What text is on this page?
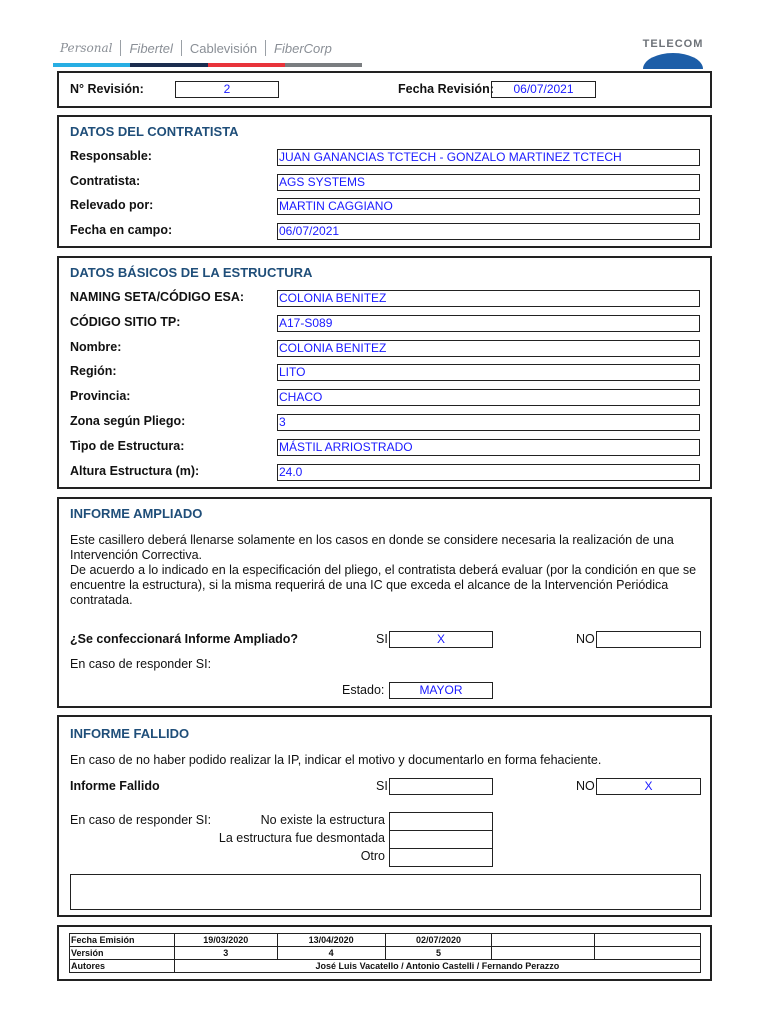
Personal	Fibertel	Cablevisión	FiberCorp	TELECOM
N° Revisión:	2	Fecha Revisión:	06/07/2021
DATOS DEL CONTRATISTA
Responsable:	JUAN GANANCIAS TCTECH - GONZALO MARTINEZ TCTECH
Contratista:	AGS SYSTEMS
Relevado por:	MARTIN CAGGIANO
Fecha en campo:	06/07/2021
DATOS BÁSICOS DE LA ESTRUCTURA
NAMING SETA/CÓDIGO ESA:	COLONIA BENITEZ
CÓDIGO SITIO TP:	A17-S089
Nombre:	COLONIA BENITEZ
Región:	LITO
Provincia:	CHACO
Zona según Pliego:	3
Tipo de Estructura:	MÁSTIL ARRIOSTRADO
Altura Estructura (m):	24.0
INFORME AMPLIADO
Este casillero deberá llenarse solamente en los casos en donde se considere necesaria la realización de una Intervención Correctiva.
De acuerdo a lo indicado en la especificación del pliego, el contratista deberá evaluar (por la condición en que se encuentre la estructura), si la misma requerirá de una IC que exceda el alcance de la Intervención Periódica contratada.
¿Se confeccionará Informe Ampliado?	SI	X	NO
En caso de responder SI:
Estado:	MAYOR
INFORME FALLIDO
En caso de no haber podido realizar la IP, indicar el motivo y documentarlo en forma fehaciente.
Informe Fallido	SI	NO	X
En caso de responder SI:	No existe la estructura
La estructura fue desmontada
Otro
Fecha Emisión	19/03/2020	13/04/2020	02/07/2020		
Versión	3	4	5		
Autores	José Luis Vacatello / Antonio Castelli / Fernando Perazzo				
